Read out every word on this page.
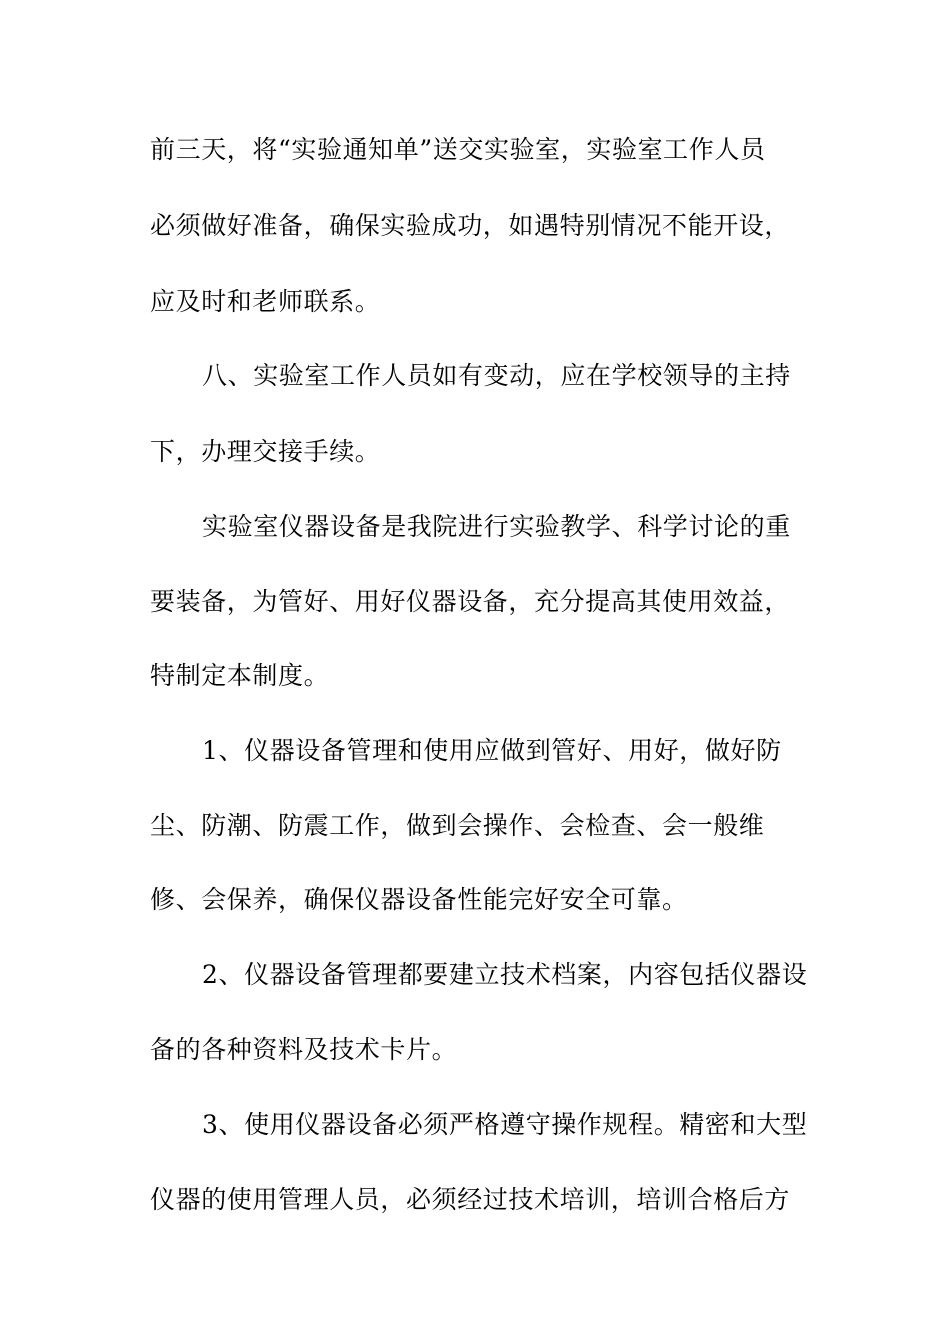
前三天，将“实验通知单”送交实验室，实验室工作人员
必须做好准备，确保实验成功，如遇特别情况不能开设，
应及时和老师联系。
八、实验室工作人员如有变动，应在学校领导的主持
下，办理交接手续。
实验室仪器设备是我院进行实验教学、科学讨论的重
要装备，为管好、用好仪器设备，充分提高其使用效益，
特制定本制度。
1、仪器设备管理和使用应做到管好、用好，做好防
尘、防潮、防震工作，做到会操作、会检查、会一般维
修、会保养，确保仪器设备性能完好安全可靠。
2、仪器设备管理都要建立技术档案，内容包括仪器设
备的各种资料及技术卡片。
3、使用仪器设备必须严格遵守操作规程。精密和大型
仪器的使用管理人员，必须经过技术培训，培训合格后方
